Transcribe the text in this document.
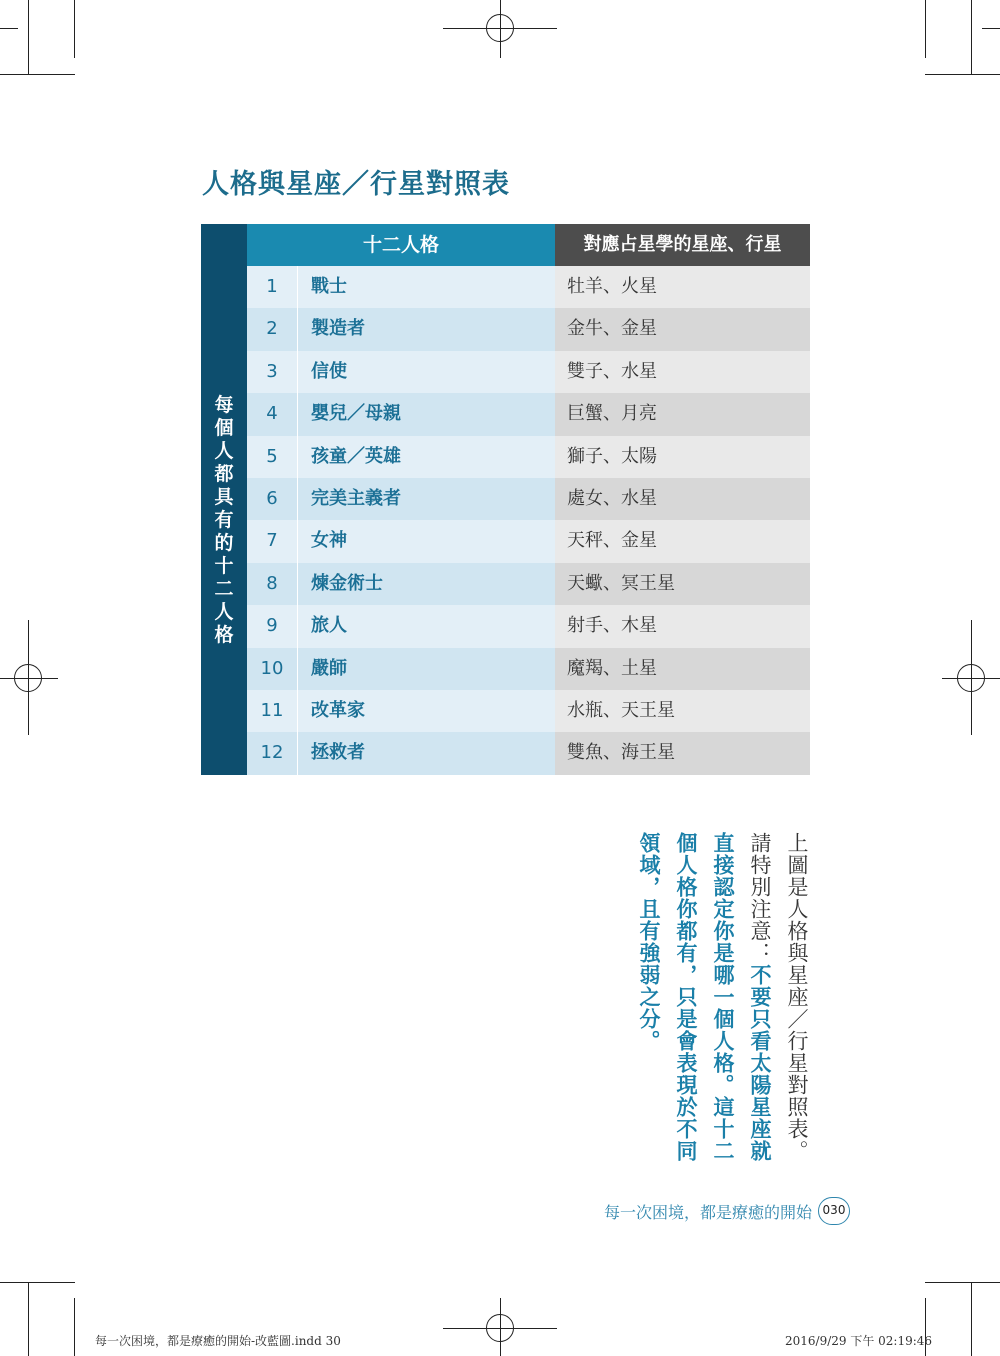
人格與星座／行星對照表
每
個
人
都
具
有
的
十
二
人
格
十二人格	對應占星學的星座、行星
1	戰士	牡羊、火星
2	製造者	金牛、金星
3	信使	雙子、水星
4	嬰兒／母親	巨蟹、月亮
5	孩童／英雄	獅子、太陽
6	完美主義者	處女、水星
7	女神	天秤、金星
8	煉金術士	天蠍、冥王星
9	旅人	射手、木星
10	嚴師	魔羯、土星
11	改革家	水瓶、天王星
12	拯救者	雙魚、海王星
上圖是人格與星座／行星對照表。請特別注意：不要只看太陽星座就直接認定你是哪一個人格。這十二個人格你都有，只是會表現於不同領域，且有強弱之分。
每一次困境，都是療癒的開始 030
每一次困境，都是療癒的開始-改藍圖.indd 30	2016/9/29 下午 02:19:46
